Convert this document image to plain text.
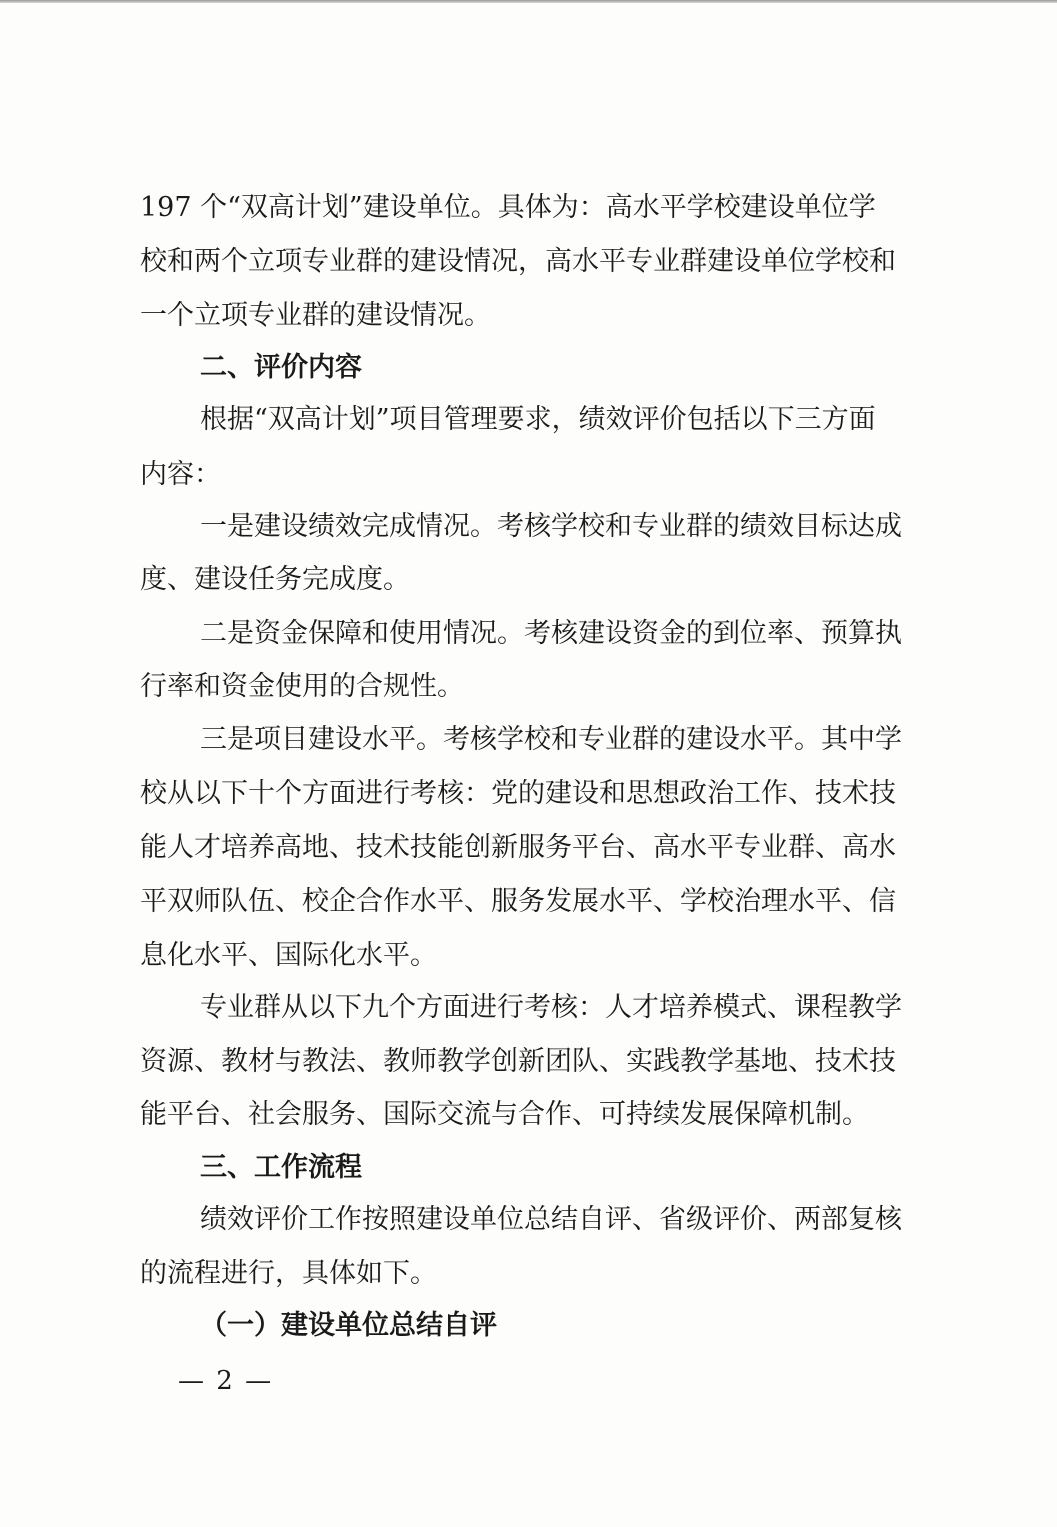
197 个“双高计划”建设单位。具体为：高水平学校建设单位学
校和两个立项专业群的建设情况，高水平专业群建设单位学校和
一个立项专业群的建设情况。
二、评价内容
根据“双高计划”项目管理要求，绩效评价包括以下三方面
内容：
一是建设绩效完成情况。考核学校和专业群的绩效目标达成
度、建设任务完成度。
二是资金保障和使用情况。考核建设资金的到位率、预算执
行率和资金使用的合规性。
三是项目建设水平。考核学校和专业群的建设水平。其中学
校从以下十个方面进行考核：党的建设和思想政治工作、技术技
能人才培养高地、技术技能创新服务平台、高水平专业群、高水
平双师队伍、校企合作水平、服务发展水平、学校治理水平、信
息化水平、国际化水平。
专业群从以下九个方面进行考核：人才培养模式、课程教学
资源、教材与教法、教师教学创新团队、实践教学基地、技术技
能平台、社会服务、国际交流与合作、可持续发展保障机制。
三、工作流程
绩效评价工作按照建设单位总结自评、省级评价、两部复核
的流程进行，具体如下。
（一）建设单位总结自评
— 2 —
